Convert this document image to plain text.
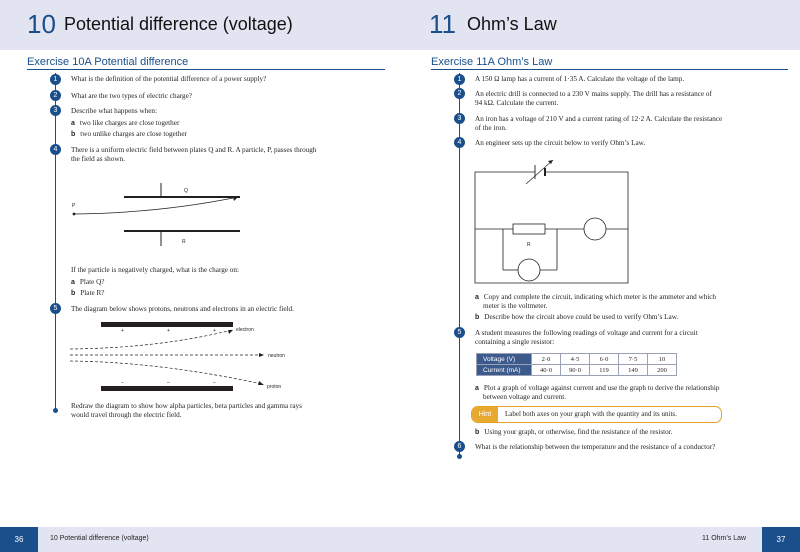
10 Potential difference (voltage)
Exercise 10A Potential difference
1	What is the definition of the potential difference of a power supply?
2	What are the two types of electric charge?
3	Describe what happens when:
a two like charges are close together
b two unlike charges are close together
4	There is a uniform electric field between plates Q and R. A particle, P, passes through
the field as shown.
Q
R
P
If the particle is negatively charged, what is the charge on:
a Plate Q?
b Plate R?
5	The diagram below shows protons, neutrons and electrons in an electric field.
+	+	+
–	–	–
electron
neutron
proton
Redraw the diagram to show how alpha particles, beta particles and gamma rays
would travel through the electric field.
36	10 Potential difference (voltage)
11 Ohm’s Law
Exercise 11A Ohm’s Law
1	A 150 Ω lamp has a current of 1·35 A. Calculate the voltage of the lamp.
2	An electric drill is connected to a 230 V mains supply. The drill has a resistance of
94 kΩ. Calculate the current.
3	An iron has a voltage of 210 V and a current rating of 12·2 A. Calculate the resistance
of the iron.
4	An engineer sets up the circuit below to verify Ohm’s Law.
R
a Copy and complete the circuit, indicating which meter is the ammeter and which
meter is the voltmeter.
b Describe how the circuit above could be used to verify Ohm’s Law.
5	A student measures the following readings of voltage and current for a circuit
containing a single resistor:
Voltage (V)	2·0	4·5	6·0	7·5	10
Current (mA)	40·0	90·0	119	149	200
a Plot a graph of voltage against current and use the graph to derive the relationship
between voltage and current.
Hint	Label both axes on your graph with the quantity and its units.
b Using your graph, or otherwise, find the resistance of the resistor.
6	What is the relationship between the temperature and the resistance of a conductor?
11 Ohm’s Law	37
